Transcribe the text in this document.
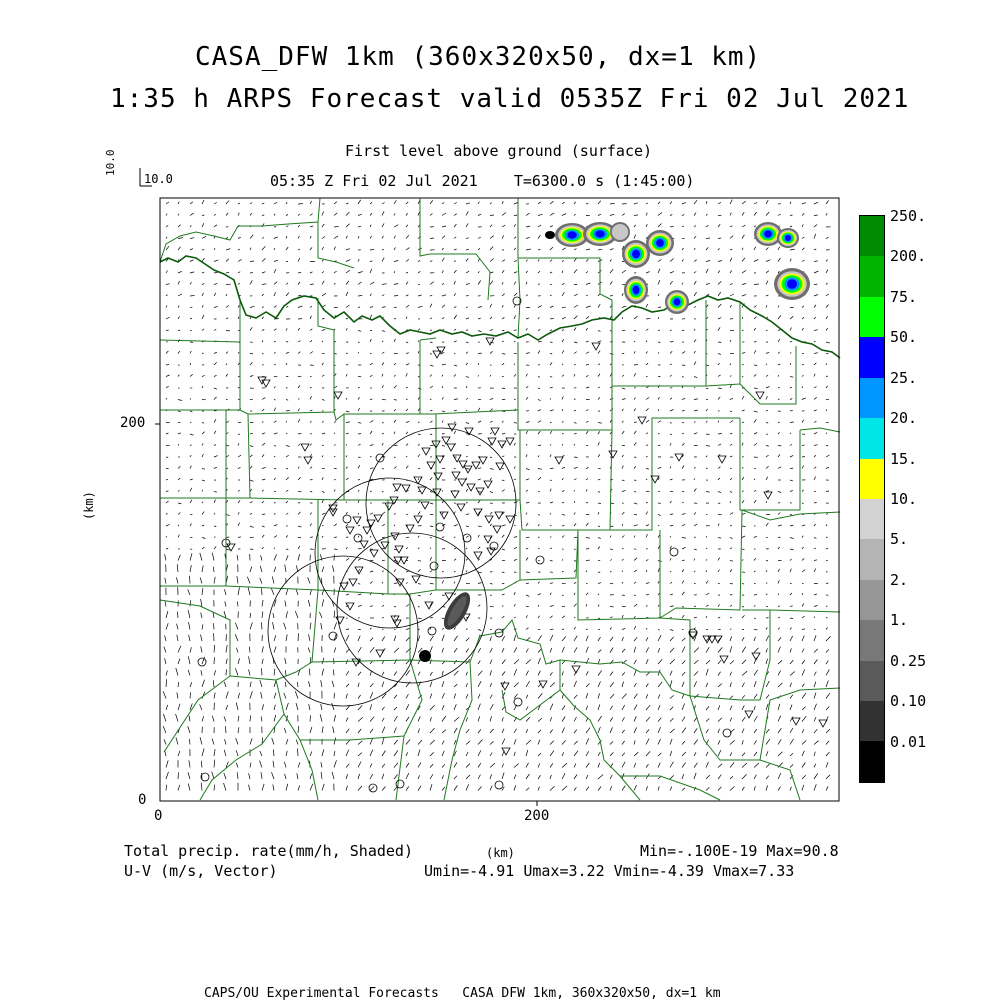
CASA_DFW 1km (360x320x50, dx=1 km)
1:35 h ARPS Forecast valid 0535Z Fri 02 Jul 2021
First level above ground (surface)
05:35 Z Fri 02 Jul 2021    T=6300.0 s (1:45:00)
10.0
10.0
200
0
0	200
(km)
(km)
250.
200.
75.
50.
25.
20.
15.
10.
5.
2.
1.
0.25
0.10
0.01
Total precip. rate(mm/h, Shaded)
U-V (m/s, Vector)
Min=-.100E-19 Max=90.8
Umin=-4.91 Umax=3.22 Vmin=-4.39 Vmax=7.33
CAPS/OU Experimental Forecasts   CASA DFW 1km, 360x320x50, dx=1 km
